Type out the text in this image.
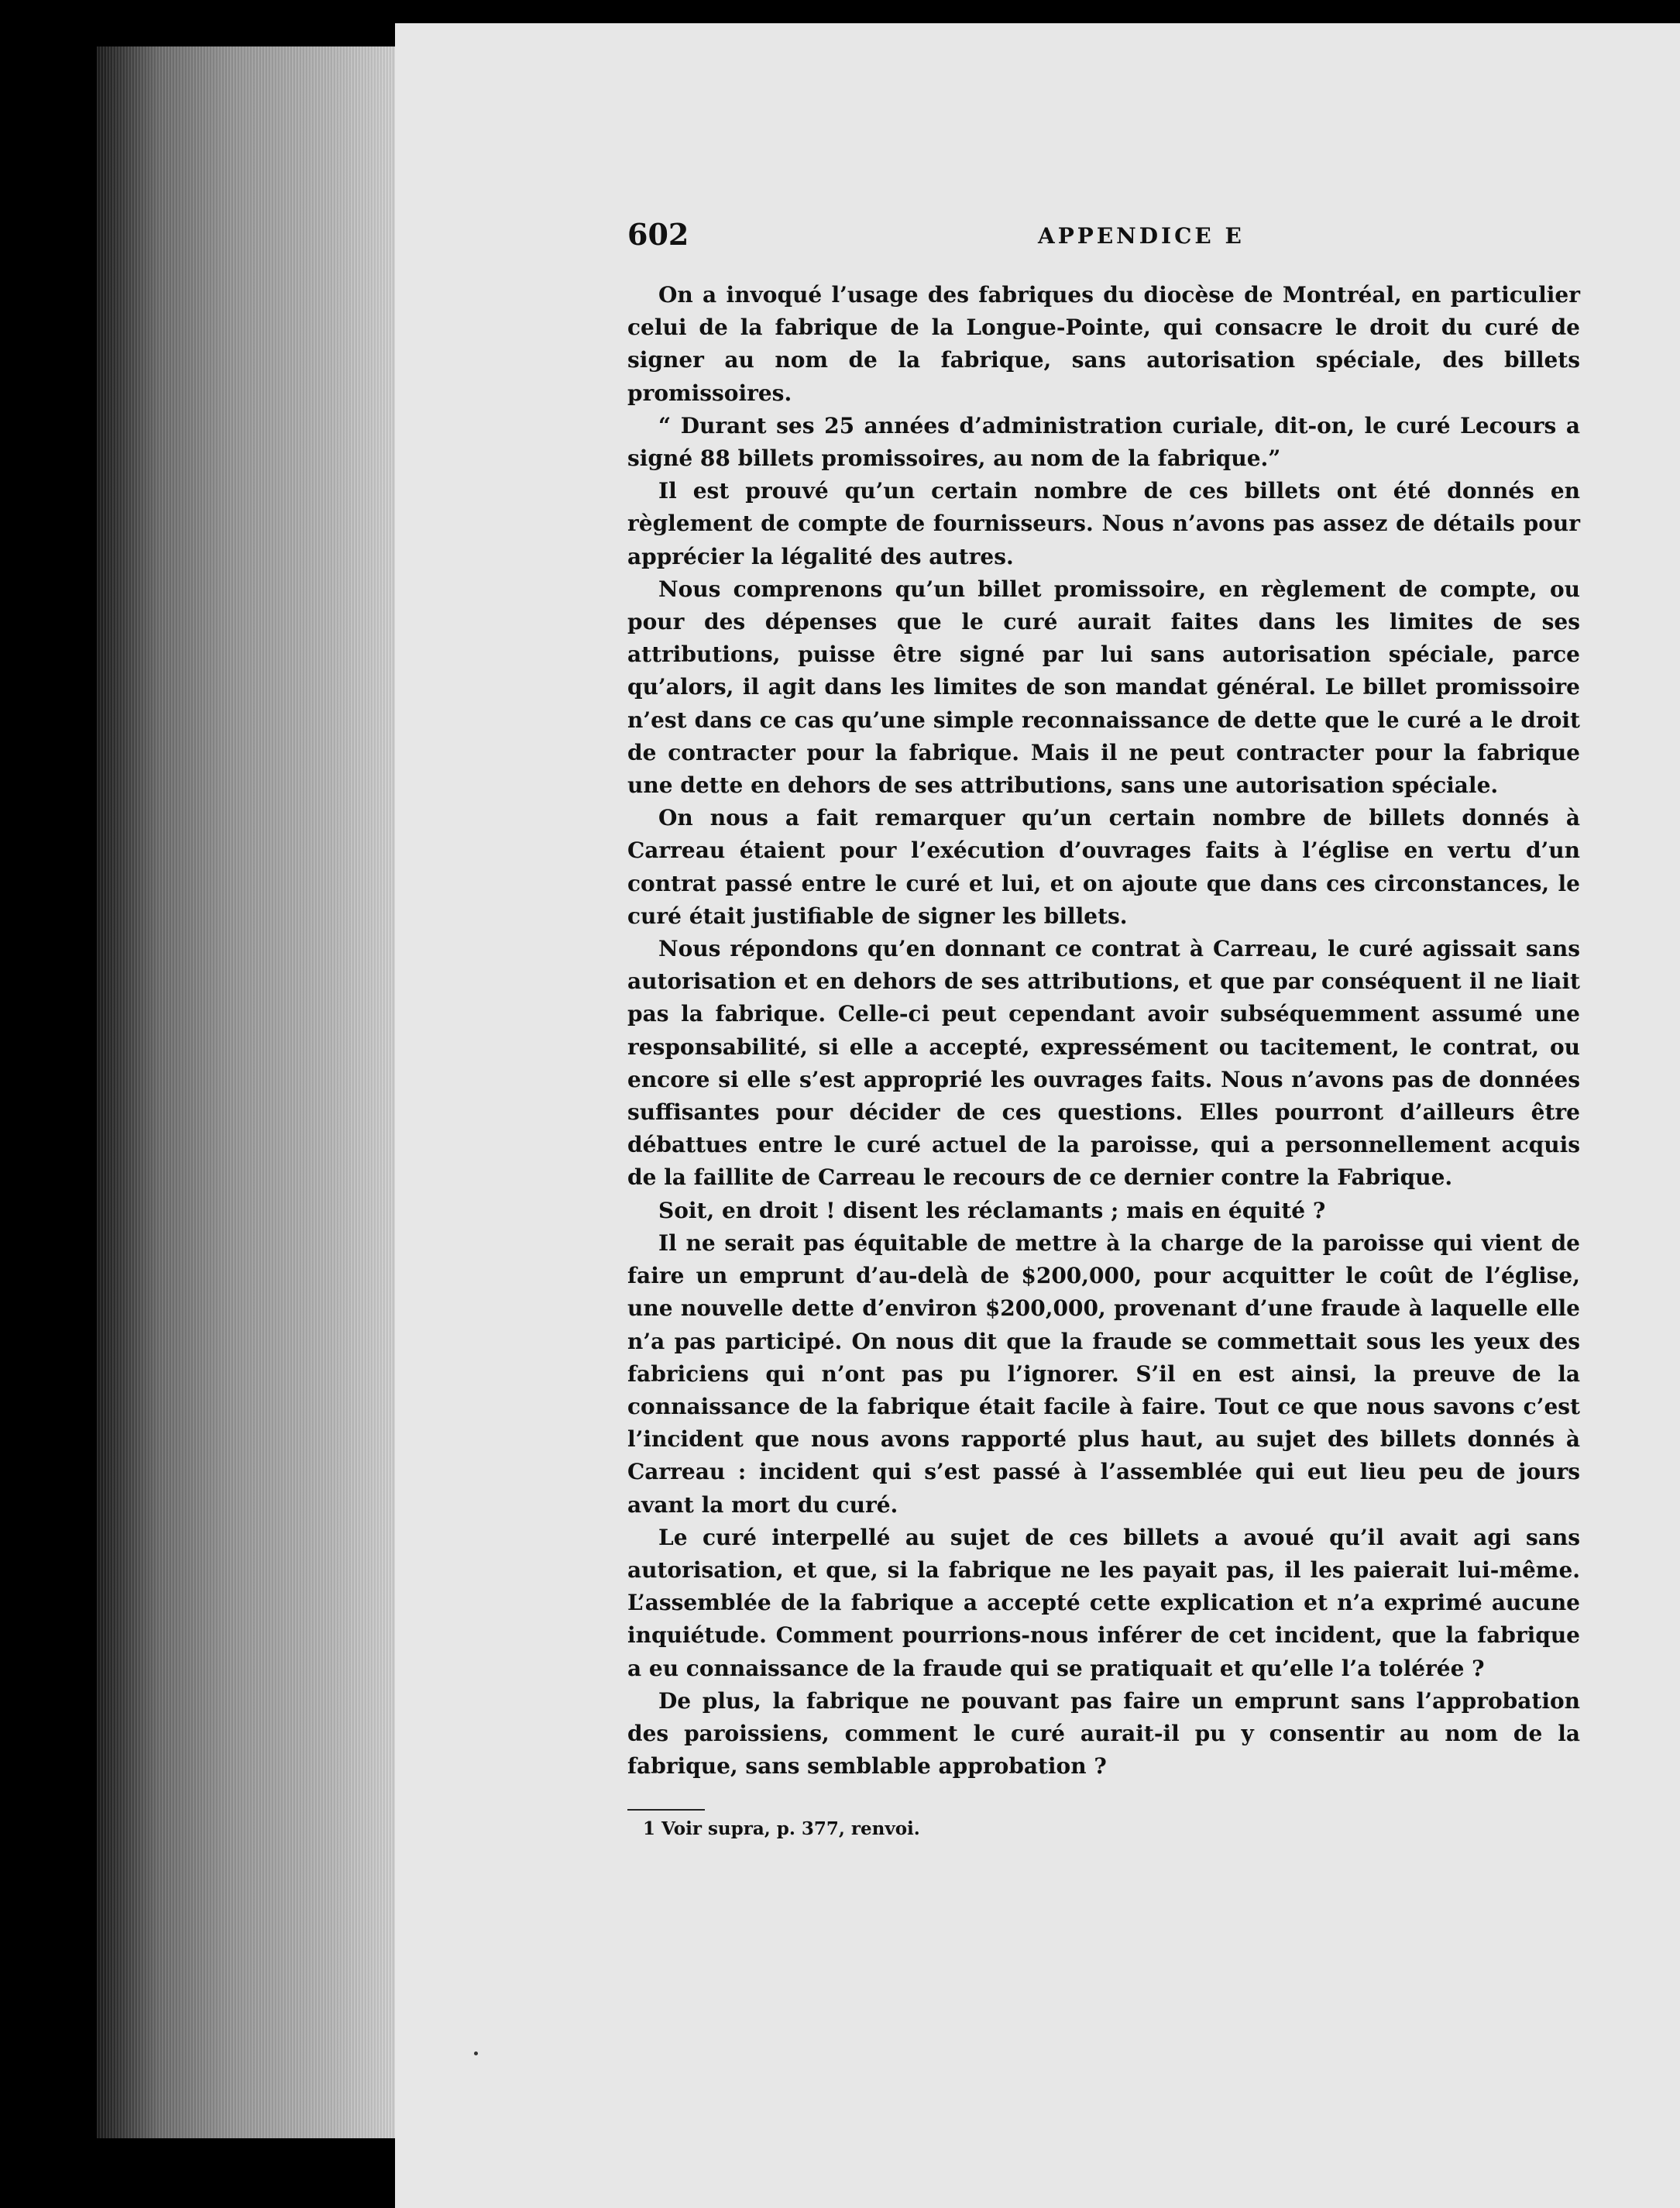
602	APPENDICE E

On a invoqué l’usage des fabriques du diocèse de Montréal, en particulier celui de la fabrique de la Longue-Pointe, qui consacre le droit du curé de signer au nom de la fabrique, sans autorisation spéciale, des billets promissoires.

“ Durant ses 25 années d’administration curiale, dit-on, le curé Lecours a signé 88 billets promissoires, au nom de la fabrique.”

Il est prouvé qu’un certain nombre de ces billets ont été donnés en règlement de compte de fournisseurs. Nous n’avons pas assez de détails pour apprécier la légalité des autres.

Nous comprenons qu’un billet promissoire, en règlement de compte, ou pour des dépenses que le curé aurait faites dans les limites de ses attributions, puisse être signé par lui sans autorisation spéciale, parce qu’alors, il agit dans les limites de son mandat général. Le billet promissoire n’est dans ce cas qu’une simple reconnaissance de dette que le curé a le droit de contracter pour la fabrique. Mais il ne peut contracter pour la fabrique une dette en dehors de ses attributions, sans une autorisation spéciale.

On nous a fait remarquer qu’un certain nombre de billets donnés à Carreau étaient pour l’exécution d’ouvrages faits à l’église en vertu d’un contrat passé entre le curé et lui, et on ajoute que dans ces circonstances, le curé était justifiable de signer les billets.

Nous répondons qu’en donnant ce contrat à Carreau, le curé agissait sans autorisation et en dehors de ses attributions, et que par conséquent il ne liait pas la fabrique. Celle-ci peut cependant avoir subséquemment assumé une responsabilité, si elle a accepté, expressément ou tacitement, le contrat, ou encore si elle s’est approprié les ouvrages faits. Nous n’avons pas de données suffisantes pour décider de ces questions. Elles pourront d’ailleurs être débattues entre le curé actuel de la paroisse, qui a personnellement acquis de la faillite de Carreau le recours de ce dernier contre la Fabrique.

Soit, en droit ! disent les réclamants ; mais en équité ?

Il ne serait pas équitable de mettre à la charge de la paroisse qui vient de faire un emprunt d’au-delà de $200,000, pour acquitter le coût de l’église, une nouvelle dette d’environ $200,000, provenant d’une fraude à laquelle elle n’a pas participé. On nous dit que la fraude se commettait sous les yeux des fabriciens qui n’ont pas pu l’ignorer. S’il en est ainsi, la preuve de la connaissance de la fabrique était facile à faire. Tout ce que nous savons c’est l’incident que nous avons rapporté plus haut, au sujet des billets donnés à Carreau : incident qui s’est passé à l’assemblée qui eut lieu peu de jours avant la mort du curé.

Le curé interpellé au sujet de ces billets a avoué qu’il avait agi sans autorisation, et que, si la fabrique ne les payait pas, il les paierait lui-même. L’assemblée de la fabrique a accepté cette explication et n’a exprimé aucune inquiétude. Comment pourrions-nous inférer de cet incident, que la fabrique a eu connaissance de la fraude qui se pratiquait et qu’elle l’a tolérée ?

De plus, la fabrique ne pouvant pas faire un emprunt sans l’approbation des paroissiens, comment le curé aurait-il pu y consentir au nom de la fabrique, sans semblable approbation ?

1 Voir supra, p. 377, renvoi.
